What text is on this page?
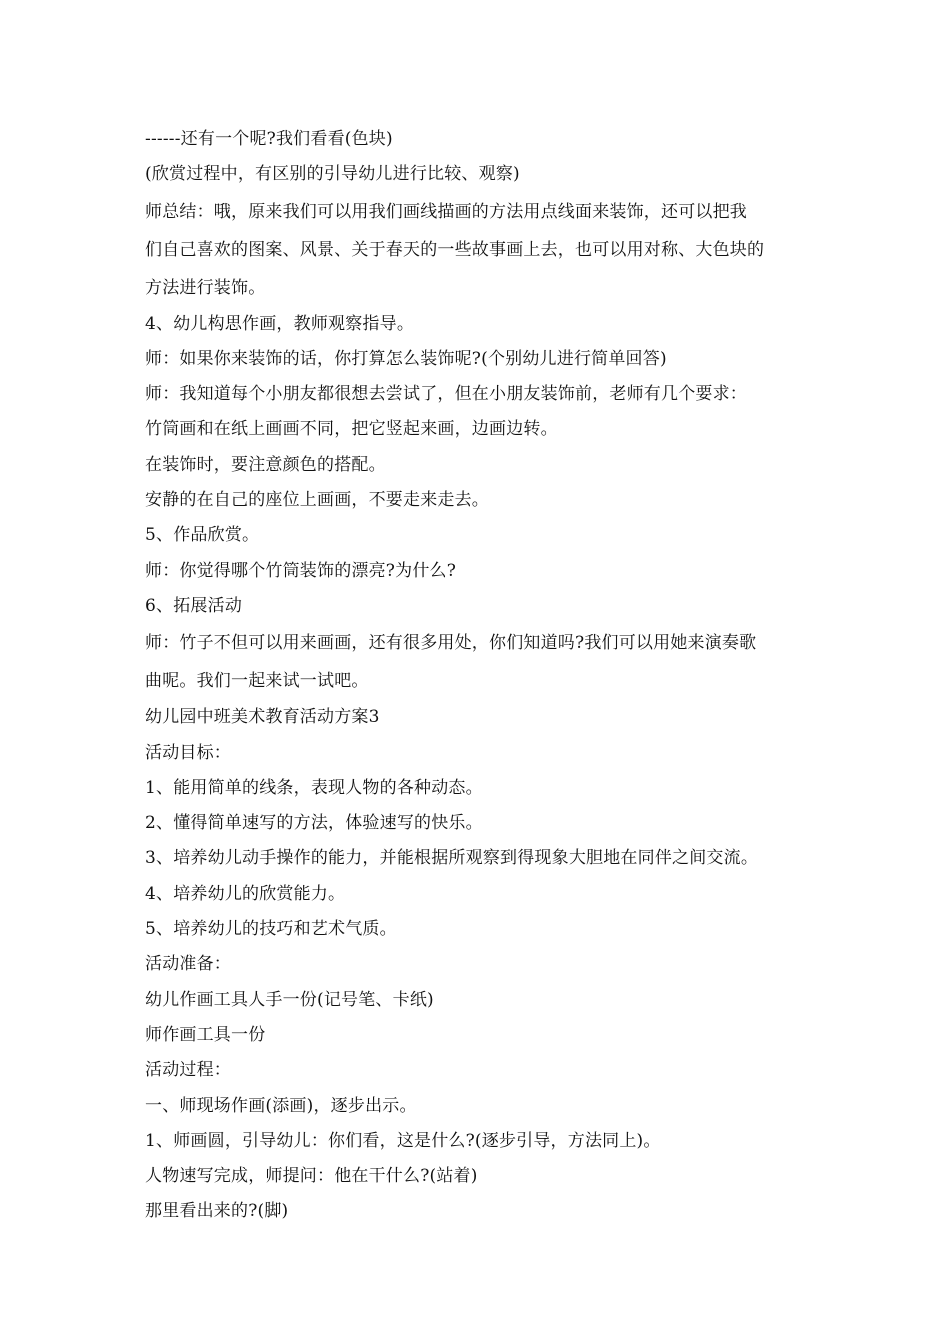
------还有一个呢?我们看看(色块)
(欣赏过程中，有区别的引导幼儿进行比较、观察)
师总结：哦，原来我们可以用我们画线描画的方法用点线面来装饰，还可以把我
们自己喜欢的图案、风景、关于春天的一些故事画上去，也可以用对称、大色块的
方法进行装饰。
4、幼儿构思作画，教师观察指导。
师：如果你来装饰的话，你打算怎么装饰呢?(个别幼儿进行简单回答)
师：我知道每个小朋友都很想去尝试了，但在小朋友装饰前，老师有几个要求：
竹筒画和在纸上画画不同，把它竖起来画，边画边转。
在装饰时，要注意颜色的搭配。
安静的在自己的座位上画画，不要走来走去。
5、作品欣赏。
师：你觉得哪个竹筒装饰的漂亮?为什么?
6、拓展活动
师：竹子不但可以用来画画，还有很多用处，你们知道吗?我们可以用她来演奏歌
曲呢。我们一起来试一试吧。
幼儿园中班美术教育活动方案3
活动目标：
1、能用简单的线条，表现人物的各种动态。
2、懂得简单速写的方法，体验速写的快乐。
3、培养幼儿动手操作的能力，并能根据所观察到得现象大胆地在同伴之间交流。
4、培养幼儿的欣赏能力。
5、培养幼儿的技巧和艺术气质。
活动准备：
幼儿作画工具人手一份(记号笔、卡纸)
师作画工具一份
活动过程：
一、师现场作画(添画)，逐步出示。
1、师画圆，引导幼儿：你们看，这是什么?(逐步引导，方法同上)。
人物速写完成，师提问：他在干什么?(站着)
那里看出来的?(脚)
